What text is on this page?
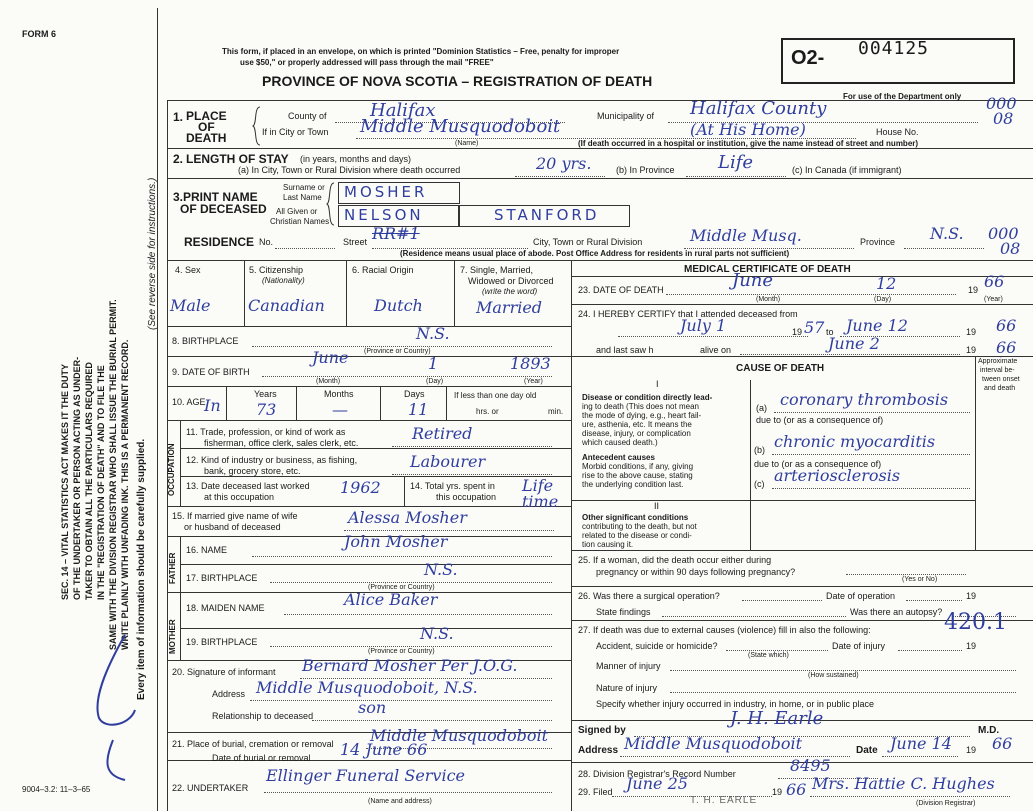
FORM 6
This form, if placed in an envelope, on which is printed "Dominion Statistics – Free, penalty for improper
use $50," or properly addressed will pass through the mail "FREE"
PROVINCE OF NOVA SCOTIA – REGISTRATION OF DEATH
O2- 004125
For use of the Department only 000
08
SEC. 14 – VITAL STATISTICS ACT MAKES IT THE DUTY OF THE UNDERTAKER OR PERSON ACTING AS UNDER- TAKER TO OBTAIN ALL THE PARTICULARS REQUIRED IN THE "REGISTRATION OF DEATH" AND TO FILE THE SAME WITH THE DIVISION REGISTRAR WHO SHALL ISSUE THE BURIAL PERMIT. WRITE PLAINLY WITH UNFADING INK. THIS IS A PERMANENT RECORD. Every item of information should be carefully supplied.
(See reverse side for instructions.)
9004–3.2: 11–3–65
1. PLACE
OF
DEATH
County of Halifax	Municipality of Halifax County
If in City or Town Middle Musquodoboit	(At His Home)	House No.
(Name)	(If death occurred in a hospital or institution, give the name instead of street and number)
2. LENGTH OF STAY (in years, months and days)
(a) In City, Town or Rural Division where death occurred	20 yrs.	(b) In Province Life	(c) In Canada (if immigrant)
3. PRINT NAME
OF DECEASED
Surname or
Last Name
All Given or
Christian Names
MOSHER
NELSON	STANFORD
RESIDENCE No.	Street RR#1	City, Town or Rural Division	Middle Musq.	Province N.S. 000
08
(Residence means usual place of abode. Post Office Address for residents in rural parts not sufficient)
4. Sex
Male
5. Citizenship
(Nationality)
Canadian
6. Racial Origin
Dutch
7. Single, Married,
Widowed or Divorced
(write the word)
Married
8. BIRTHPLACE	N.S.
(Province or Country)
9. DATE OF BIRTH
June	1	1893
(Month)	(Day)	(Year)
10. AGE
In
Years	Months	Days
73	—	11
If less than one day old
hrs. or	min.
OCCUPATION
11. Trade, profession, or kind of work as
fisherman, office clerk, sales clerk, etc.	Retired
12. Kind of industry or business, as fishing,
bank, grocery store, etc.	Labourer
13. Date deceased last worked
at this occupation	1962	14. Total yrs. spent in
this occupation
Life time
15. If married give name of wife
or husband of deceased	Alessa Mosher
FATHER
16. NAME	John Mosher
17. BIRTHPLACE	N.S.
(Province or Country)
MOTHER
18. MAIDEN NAME	Alice Baker
19. BIRTHPLACE	N.S.
(Province or Country)
20. Signature of informant Bernard Mosher Per J.O.G.
Address Middle Musquodoboit, N.S.
Relationship to deceased	son
21. Place of burial, cremation or removal Middle Musquodoboit
Date of burial or removal 14 June 66
22. UNDERTAKER
Ellinger Funeral Service
(Name and address)
MEDICAL CERTIFICATE OF DEATH
23. DATE OF DEATH	June	12	19 66
(Month)	(Day)	(Year)
24. I HEREBY CERTIFY that I attended deceased from
July 1	19 57 to June 12	19 66
and last saw h	alive on	June 2	19 66
CAUSE OF DEATH
Approximate
interval be-
tween onset
and death
I
Disease or condition directly lead-
ing to death (This does not mean
the mode of dying, e.g., heart fail-
ure, asthenia, etc. It means the
disease, injury, or complication
which caused death.)
(a) coronary thrombosis
due to (or as a consequence of)
Antecedent causes
Morbid conditions, if any, giving
rise to the above cause, stating
the underlying condition last.
(b) chronic myocarditis
due to (or as a consequence of)
(c) arteriosclerosis
II
Other significant conditions
contributing to the death, but not
related to the disease or condi-
tion causing it.
25. If a woman, did the death occur either during
pregnancy or within 90 days following pregnancy?
(Yes or No)
26. Was there a surgical operation?	Date of operation	19
State findings	Was there an autopsy?
27. If death was due to external causes (violence) fill in also the following:	420.1
Accident, suicide or homicide?
(State which)
Date of injury	19
Manner of injury
(How sustained)
Nature of injury
Specify whether injury occurred in industry, in home, or in public place
Signed by
J. H. Earle
M.D.
Address Middle Musquodoboit	Date June 14 19 66
28. Division Registrar's Record Number	8495
29. Filed June 25	19 66 Mrs. Hattie C. Hughes
(Division Registrar)
T. H. EARLE
